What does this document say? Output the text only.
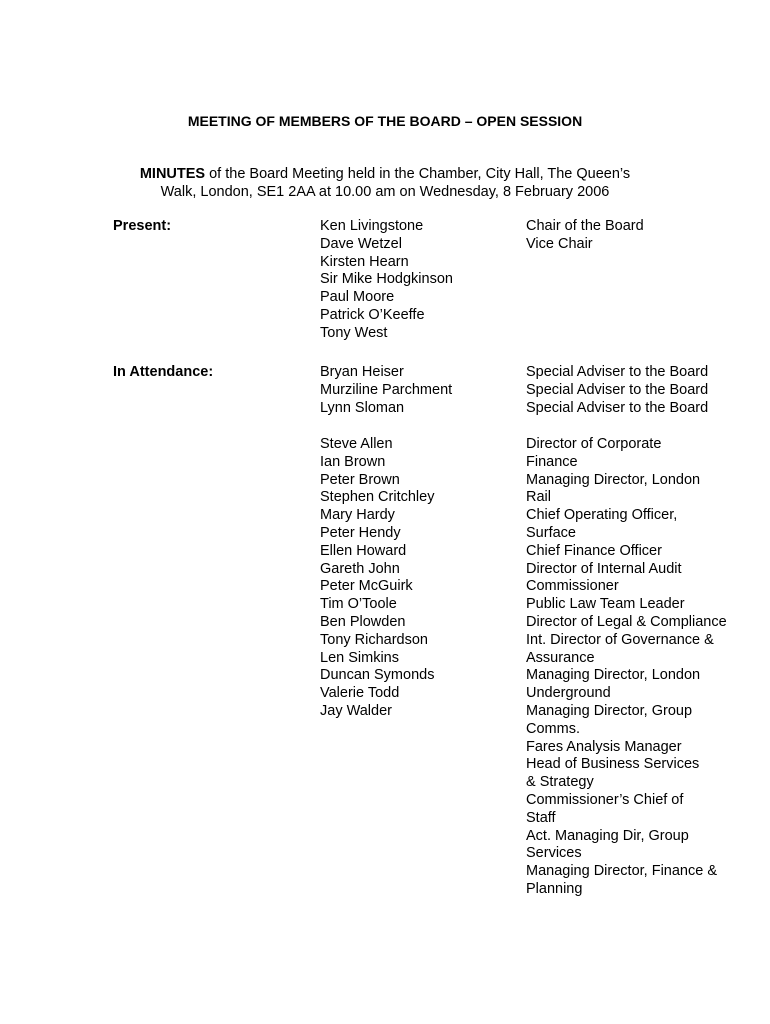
MEETING OF MEMBERS OF THE BOARD – OPEN SESSION
MINUTES of the Board Meeting held in the Chamber, City Hall, The Queen’s Walk, London, SE1 2AA at 10.00 am on Wednesday, 8 February 2006
Present:	Ken Livingstone
Dave Wetzel
Kirsten Hearn
Sir Mike Hodgkinson
Paul Moore
Patrick O’Keeffe
Tony West
Chair of the Board
Vice Chair
In Attendance:	Bryan Heiser
Murziline Parchment
Lynn Sloman
Special Adviser to the Board
Special Adviser to the Board
Special Adviser to the Board
Steve Allen
Ian Brown
Peter Brown
Stephen Critchley
Mary Hardy
Peter Hendy
Ellen Howard
Gareth John
Peter McGuirk
Tim O’Toole
Ben Plowden
Tony Richardson
Len Simkins
Duncan Symonds
Valerie Todd
Jay Walder
Director of Corporate
Finance
Managing Director, London
Rail
Chief Operating Officer,
Surface
Chief Finance Officer
Director of Internal Audit
Commissioner
Public Law Team Leader
Director of Legal & Compliance
Int. Director of Governance &
Assurance
Managing Director, London
Underground
Managing Director, Group
Comms.
Fares Analysis Manager
Head of Business Services
& Strategy
Commissioner’s Chief of
Staff
Act. Managing Dir, Group
Services
Managing Director, Finance &
Planning
